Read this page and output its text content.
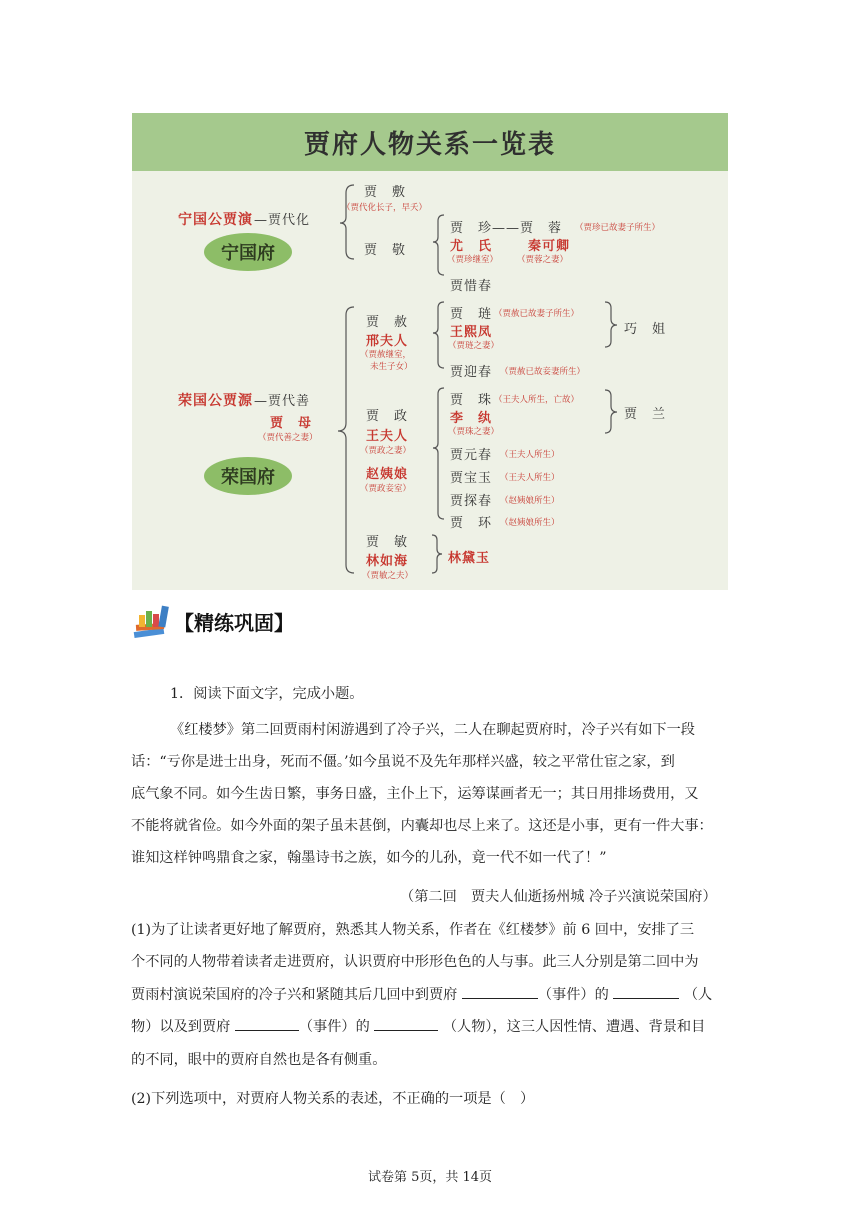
贾府人物关系一览表
宁国公贾演 —贾代化
宁国府
贾　敷
（贾代化长子，早夭）
贾　敬
贾　珍——贾　蓉 （贾珍已故妻子所生）
尤　氏
（贾珍继室）
秦可卿
（贾蓉之妻）
贾惜春
荣国公贾源 —贾代善
贾　母
（贾代善之妻）
荣国府
贾　赦
邢夫人
（贾赦继室，
未生子女）
贾　琏 （贾赦已故妻子所生）
王熙凤
（贾琏之妻）
巧　姐
贾迎春 （贾赦已故妾妻所生）
贾　政
王夫人
（贾政之妻）
赵姨娘
（贾政妾室）
贾　珠 （王夫人所生，亡故）
李　纨
（贾珠之妻）
贾　兰
贾元春 （王夫人所生）
贾宝玉 （王夫人所生）
贾探春 （赵姨娘所生）
贾　环 （赵姨娘所生）
贾　敏
林如海
（贾敏之夫）
林黛玉
【精练巩固】
1．阅读下面文字，完成小题。
《红楼梦》第二回贾雨村闲游遇到了冷子兴，二人在聊起贾府时，冷子兴有如下一段
话：“亏你是进士出身，死而不僵。’如今虽说不及先年那样兴盛，较之平常仕宦之家，到
底气象不同。如今生齿日繁，事务日盛，主仆上下，运筹谋画者无一；其日用排场费用，又
不能将就省俭。如今外面的架子虽未甚倒，内囊却也尽上来了。这还是小事，更有一件大事：
谁知这样钟鸣鼎食之家，翰墨诗书之族，如今的儿孙，竟一代不如一代了！”
（第二回　贾夫人仙逝扬州城 冷子兴演说荣国府）
(1)为了让读者更好地了解贾府，熟悉其人物关系，作者在《红楼梦》前 6 回中，安排了三
个不同的人物带着读者走进贾府，认识贾府中形形色色的人与事。此三人分别是第二回中为
贾雨村演说荣国府的冷子兴和紧随其后几回中到贾府	（事件）的	（人
物）以及到贾府	（事件）的	（人物），这三人因性情、遭遇、背景和目
的不同，眼中的贾府自然也是各有侧重。
(2)下列选项中，对贾府人物关系的表述，不正确的一项是（　）
试卷第 5页，共 14页
